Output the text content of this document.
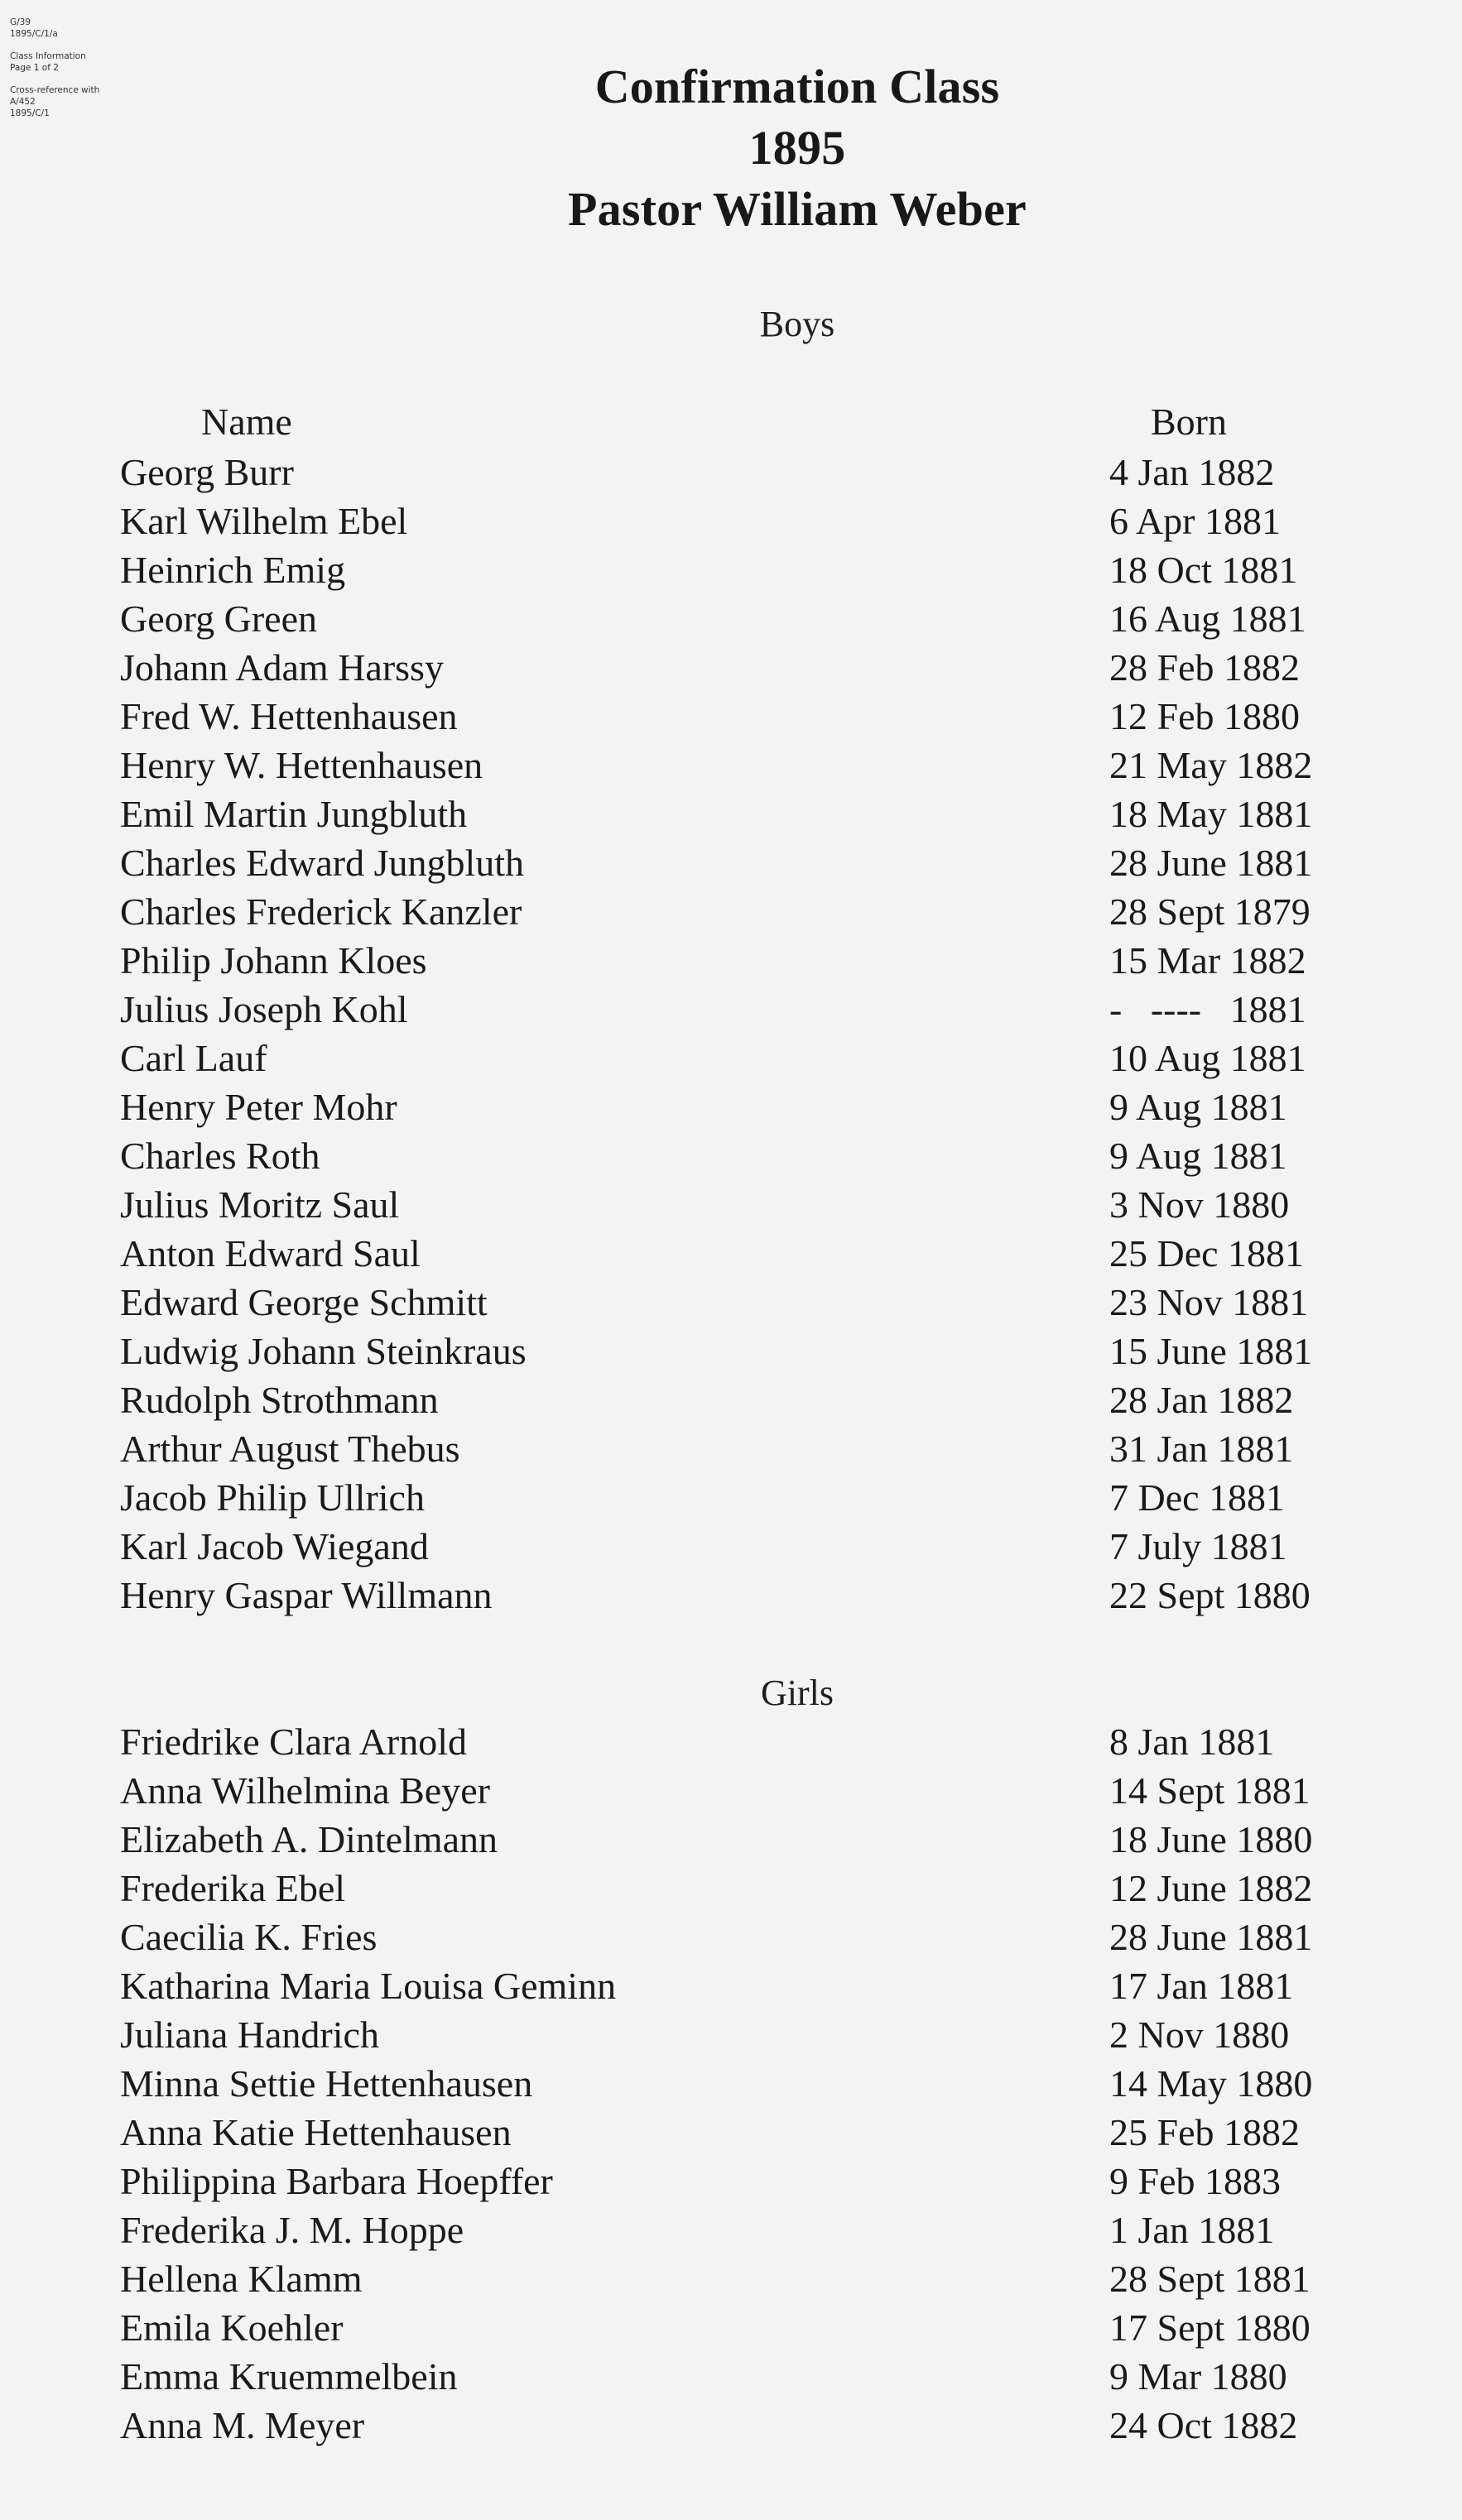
G/39
1895/C/1/a
Class Information
Page 1 of 2
Cross-reference with
A/452
1895/C/1	Confirmation Class
1895
Pastor William Weber
Boys
Name	Born
Georg Burr	4 Jan 1882
Karl Wilhelm Ebel	6 Apr 1881
Heinrich Emig	18 Oct 1881
Georg Green	16 Aug 1881
Johann Adam Harssy	28 Feb 1882
Fred W. Hettenhausen	12 Feb 1880
Henry W. Hettenhausen	21 May 1882
Emil Martin Jungbluth	18 May 1881
Charles Edward Jungbluth	28 June 1881
Charles Frederick Kanzler	28 Sept 1879
Philip Johann Kloes	15 Mar 1882
Julius Joseph Kohl	-   ----   1881
Carl Lauf	10 Aug 1881
Henry Peter Mohr	9 Aug 1881
Charles Roth	9 Aug 1881
Julius Moritz Saul	3 Nov 1880
Anton Edward Saul	25 Dec 1881
Edward George Schmitt	23 Nov 1881
Ludwig Johann Steinkraus	15 June 1881
Rudolph Strothmann	28 Jan 1882
Arthur August Thebus	31 Jan 1881
Jacob Philip Ullrich	7 Dec 1881
Karl Jacob Wiegand	7 July 1881
Henry Gaspar Willmann	22 Sept 1880
Girls
Friedrike Clara Arnold	8 Jan 1881
Anna Wilhelmina Beyer	14 Sept 1881
Elizabeth A. Dintelmann	18 June 1880
Frederika Ebel	12 June 1882
Caecilia K. Fries	28 June 1881
Katharina Maria Louisa Geminn	17 Jan 1881
Juliana Handrich	2 Nov 1880
Minna Settie Hettenhausen	14 May 1880
Anna Katie Hettenhausen	25 Feb 1882
Philippina Barbara Hoepffer	9 Feb 1883
Frederika J. M. Hoppe	1 Jan 1881
Hellena Klamm	28 Sept 1881
Emila Koehler	17 Sept 1880
Emma Kruemmelbein	9 Mar 1880
Anna M. Meyer	24 Oct 1882
